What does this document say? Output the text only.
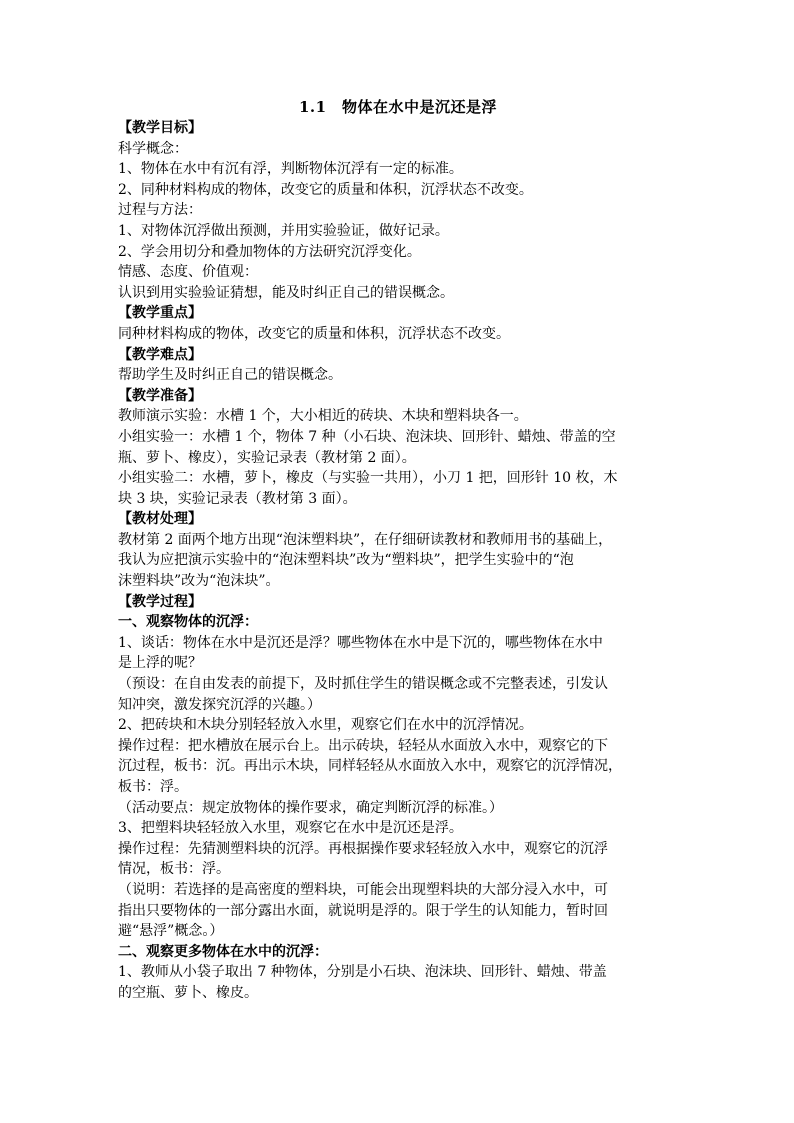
1.1　物体在水中是沉还是浮
【教学目标】
科学概念：
1、物体在水中有沉有浮，判断物体沉浮有一定的标准。
2、同种材料构成的物体，改变它的质量和体积，沉浮状态不改变。
过程与方法：
1、对物体沉浮做出预测，并用实验验证，做好记录。
2、学会用切分和叠加物体的方法研究沉浮变化。
情感、态度、价值观：
认识到用实验验证猜想，能及时纠正自己的错误概念。
【教学重点】
同种材料构成的物体，改变它的质量和体积，沉浮状态不改变。
【教学难点】
帮助学生及时纠正自己的错误概念。
【教学准备】
教师演示实验：水槽 1 个，大小相近的砖块、木块和塑料块各一。
小组实验一：水槽 1 个，物体 7 种（小石块、泡沫块、回形针、蜡烛、带盖的空
瓶、萝卜、橡皮），实验记录表（教材第 2 面）。
小组实验二：水槽，萝卜，橡皮（与实验一共用），小刀 1 把，回形针 10 枚，木
块 3 块，实验记录表（教材第 3 面）。
【教材处理】
教材第 2 面两个地方出现“泡沫塑料块”，在仔细研读教材和教师用书的基础上，
我认为应把演示实验中的“泡沫塑料块”改为“塑料块”，把学生实验中的“泡
沫塑料块”改为“泡沫块”。
【教学过程】
一、观察物体的沉浮：
1、谈话：物体在水中是沉还是浮？哪些物体在水中是下沉的，哪些物体在水中
是上浮的呢？
（预设：在自由发表的前提下，及时抓住学生的错误概念或不完整表述，引发认
知冲突，激发探究沉浮的兴趣。）
2、把砖块和木块分别轻轻放入水里，观察它们在水中的沉浮情况。
操作过程：把水槽放在展示台上。出示砖块，轻轻从水面放入水中，观察它的下
沉过程，板书：沉。再出示木块，同样轻轻从水面放入水中，观察它的沉浮情况，
板书：浮。
（活动要点：规定放物体的操作要求，确定判断沉浮的标准。）
3、把塑料块轻轻放入水里，观察它在水中是沉还是浮。
操作过程：先猜测塑料块的沉浮。再根据操作要求轻轻放入水中，观察它的沉浮
情况，板书：浮。
（说明：若选择的是高密度的塑料块，可能会出现塑料块的大部分浸入水中，可
指出只要物体的一部分露出水面，就说明是浮的。限于学生的认知能力，暂时回
避“悬浮”概念。）
二、观察更多物体在水中的沉浮：
1、教师从小袋子取出 7 种物体，分别是小石块、泡沫块、回形针、蜡烛、带盖
的空瓶、萝卜、橡皮。
